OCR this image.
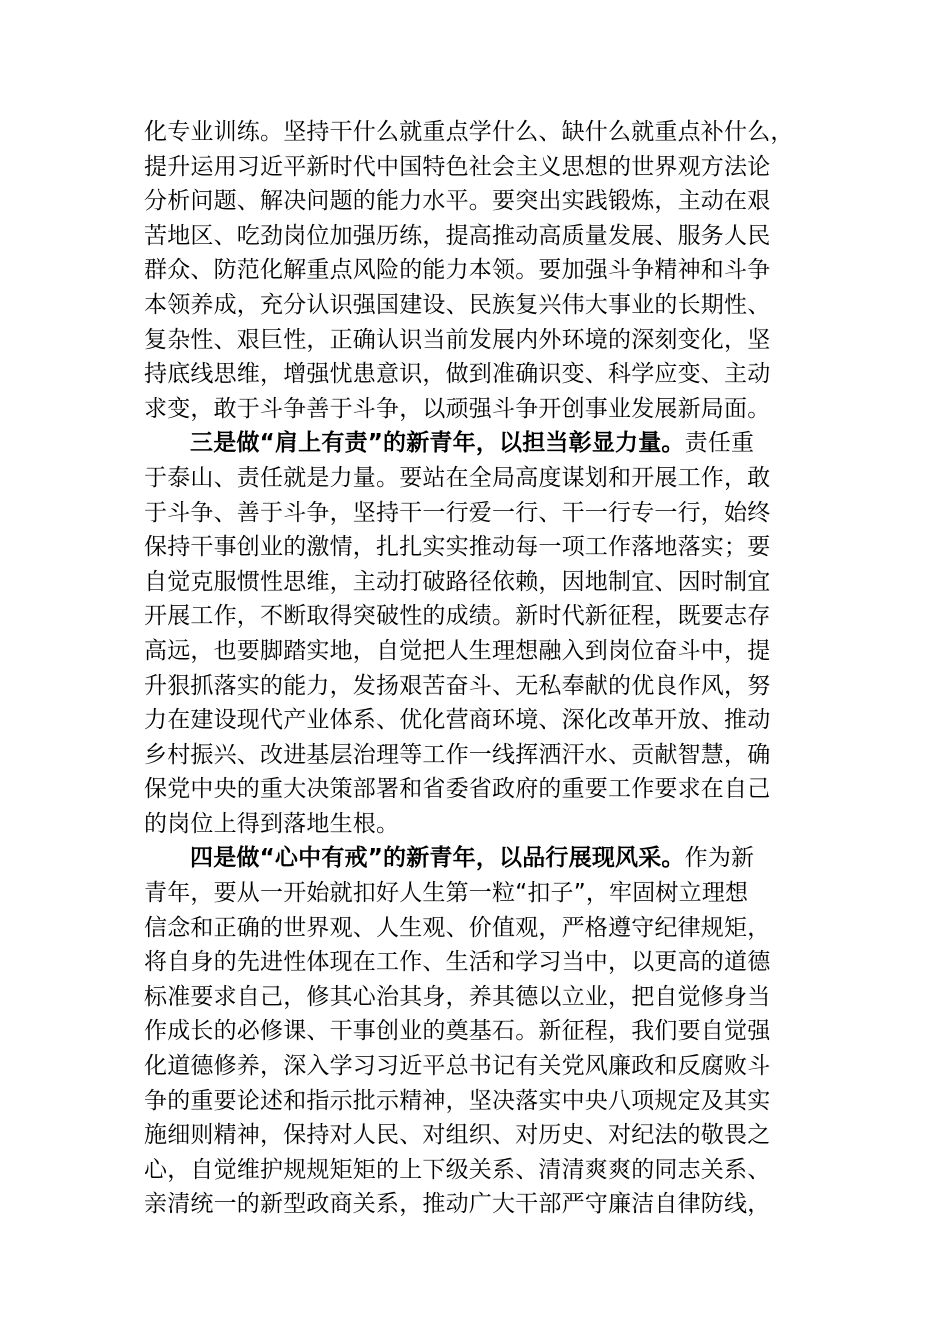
化专业训练。坚持干什么就重点学什么、缺什么就重点补什么，
提升运用习近平新时代中国特色社会主义思想的世界观方法论
分析问题、解决问题的能力水平。要突出实践锻炼，主动在艰
苦地区、吃劲岗位加强历练，提高推动高质量发展、服务人民
群众、防范化解重点风险的能力本领。要加强斗争精神和斗争
本领养成，充分认识强国建设、民族复兴伟大事业的长期性、
复杂性、艰巨性，正确认识当前发展内外环境的深刻变化，坚
持底线思维，增强忧患意识，做到准确识变、科学应变、主动
求变，敢于斗争善于斗争，以顽强斗争开创事业发展新局面。
三是做“肩上有责”的新青年，以担当彰显力量。责任重
于泰山、责任就是力量。要站在全局高度谋划和开展工作，敢
于斗争、善于斗争，坚持干一行爱一行、干一行专一行，始终
保持干事创业的激情，扎扎实实推动每一项工作落地落实；要
自觉克服惯性思维，主动打破路径依赖，因地制宜、因时制宜
开展工作，不断取得突破性的成绩。新时代新征程，既要志存
高远，也要脚踏实地，自觉把人生理想融入到岗位奋斗中，提
升狠抓落实的能力，发扬艰苦奋斗、无私奉献的优良作风，努
力在建设现代产业体系、优化营商环境、深化改革开放、推动
乡村振兴、改进基层治理等工作一线挥洒汗水、贡献智慧，确
保党中央的重大决策部署和省委省政府的重要工作要求在自己
的岗位上得到落地生根。
四是做“心中有戒”的新青年，以品行展现风采。作为新
青年，要从一开始就扣好人生第一粒“扣子”，牢固树立理想
信念和正确的世界观、人生观、价值观，严格遵守纪律规矩，
将自身的先进性体现在工作、生活和学习当中，以更高的道德
标准要求自己，修其心治其身，养其德以立业，把自觉修身当
作成长的必修课、干事创业的奠基石。新征程，我们要自觉强
化道德修养，深入学习习近平总书记有关党风廉政和反腐败斗
争的重要论述和指示批示精神，坚决落实中央八项规定及其实
施细则精神，保持对人民、对组织、对历史、对纪法的敬畏之
心，自觉维护规规矩矩的上下级关系、清清爽爽的同志关系、
亲清统一的新型政商关系，推动广大干部严守廉洁自律防线，
